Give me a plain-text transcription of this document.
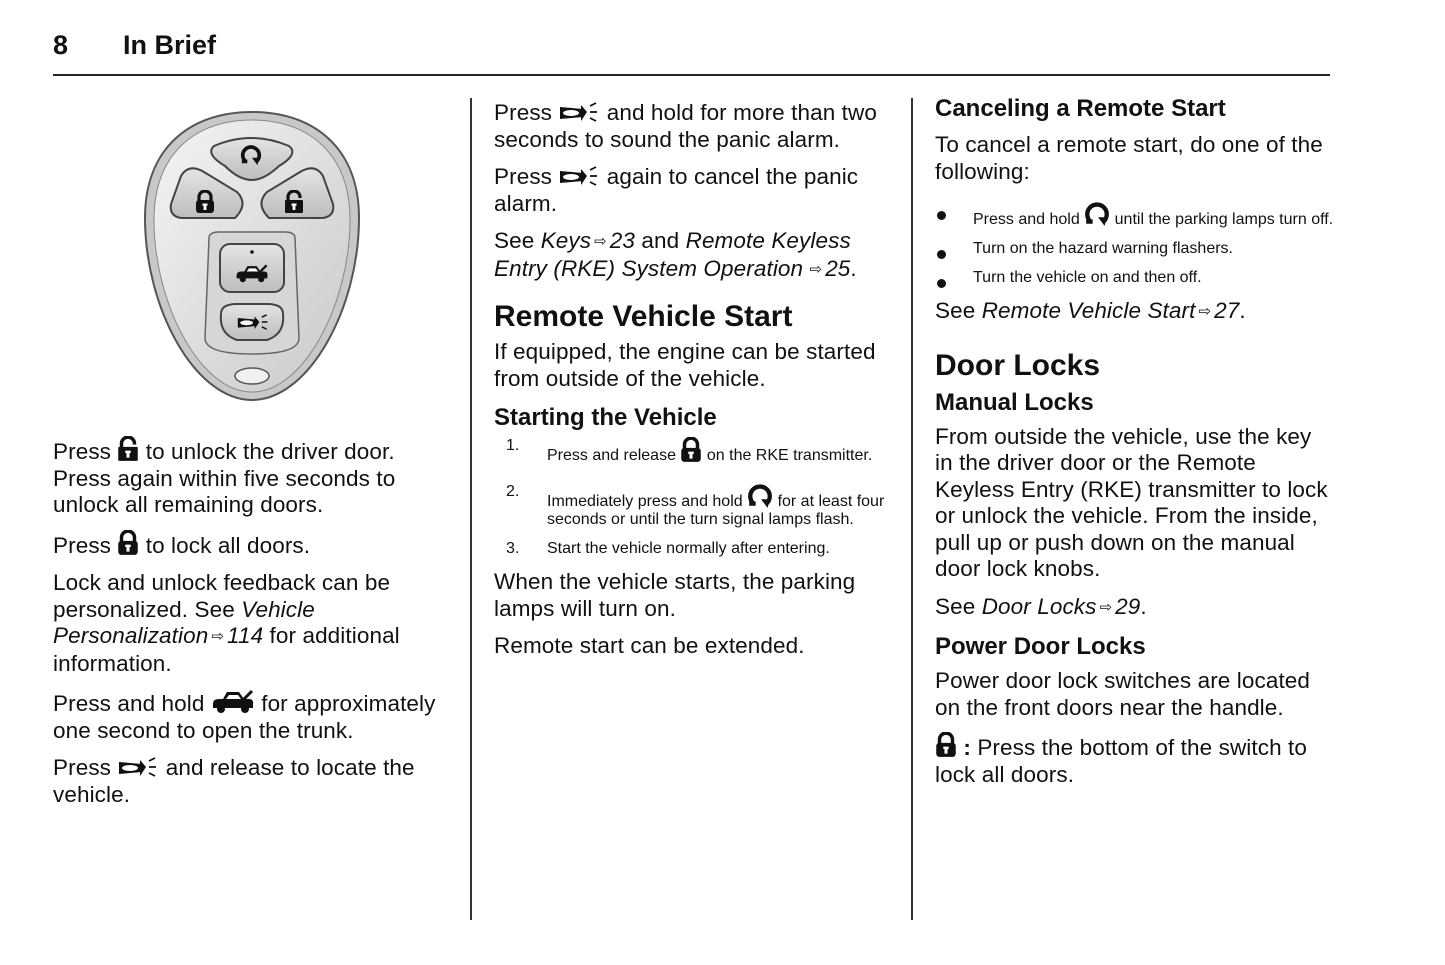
8 In Brief

Press to unlock the driver door. Press again within five seconds to unlock all remaining doors.

Press to lock all doors.

Lock and unlock feedback can be personalized. See Vehicle Personalization ⇨ 114 for additional information.

Press and hold	for approximately one second to open the trunk.

Press and release to locate the vehicle.

Press and hold for more than two seconds to sound the panic alarm.

Press again to cancel the panic alarm.

See Keys ⇨ 23 and Remote Keyless Entry (RKE) System Operation ⇨ 25.

Remote Vehicle Start

If equipped, the engine can be started from outside of the vehicle.

Starting the Vehicle
1.
Press and release on the RKE transmitter.
2.
Immediately press and hold for at least four seconds or until the turn signal lamps flash.
3. Start the vehicle normally after entering.

When the vehicle starts, the parking lamps will turn on.

Remote start can be extended.

Canceling a Remote Start

To cancel a remote start, do one of the following:

Press and hold until the parking lamps turn off.
Turn on the hazard warning flashers.
Turn the vehicle on and then off.

See Remote Vehicle Start ⇨ 27.

Door Locks
Manual Locks

From outside the vehicle, use the key in the driver door or the Remote Keyless Entry (RKE) transmitter to lock or unlock the vehicle. From the inside, pull up or push down on the manual door lock knobs.

See Door Locks ⇨ 29.

Power Door Locks

Power door lock switches are located on the front doors near the handle.

: Press the bottom of the switch to lock all doors.
